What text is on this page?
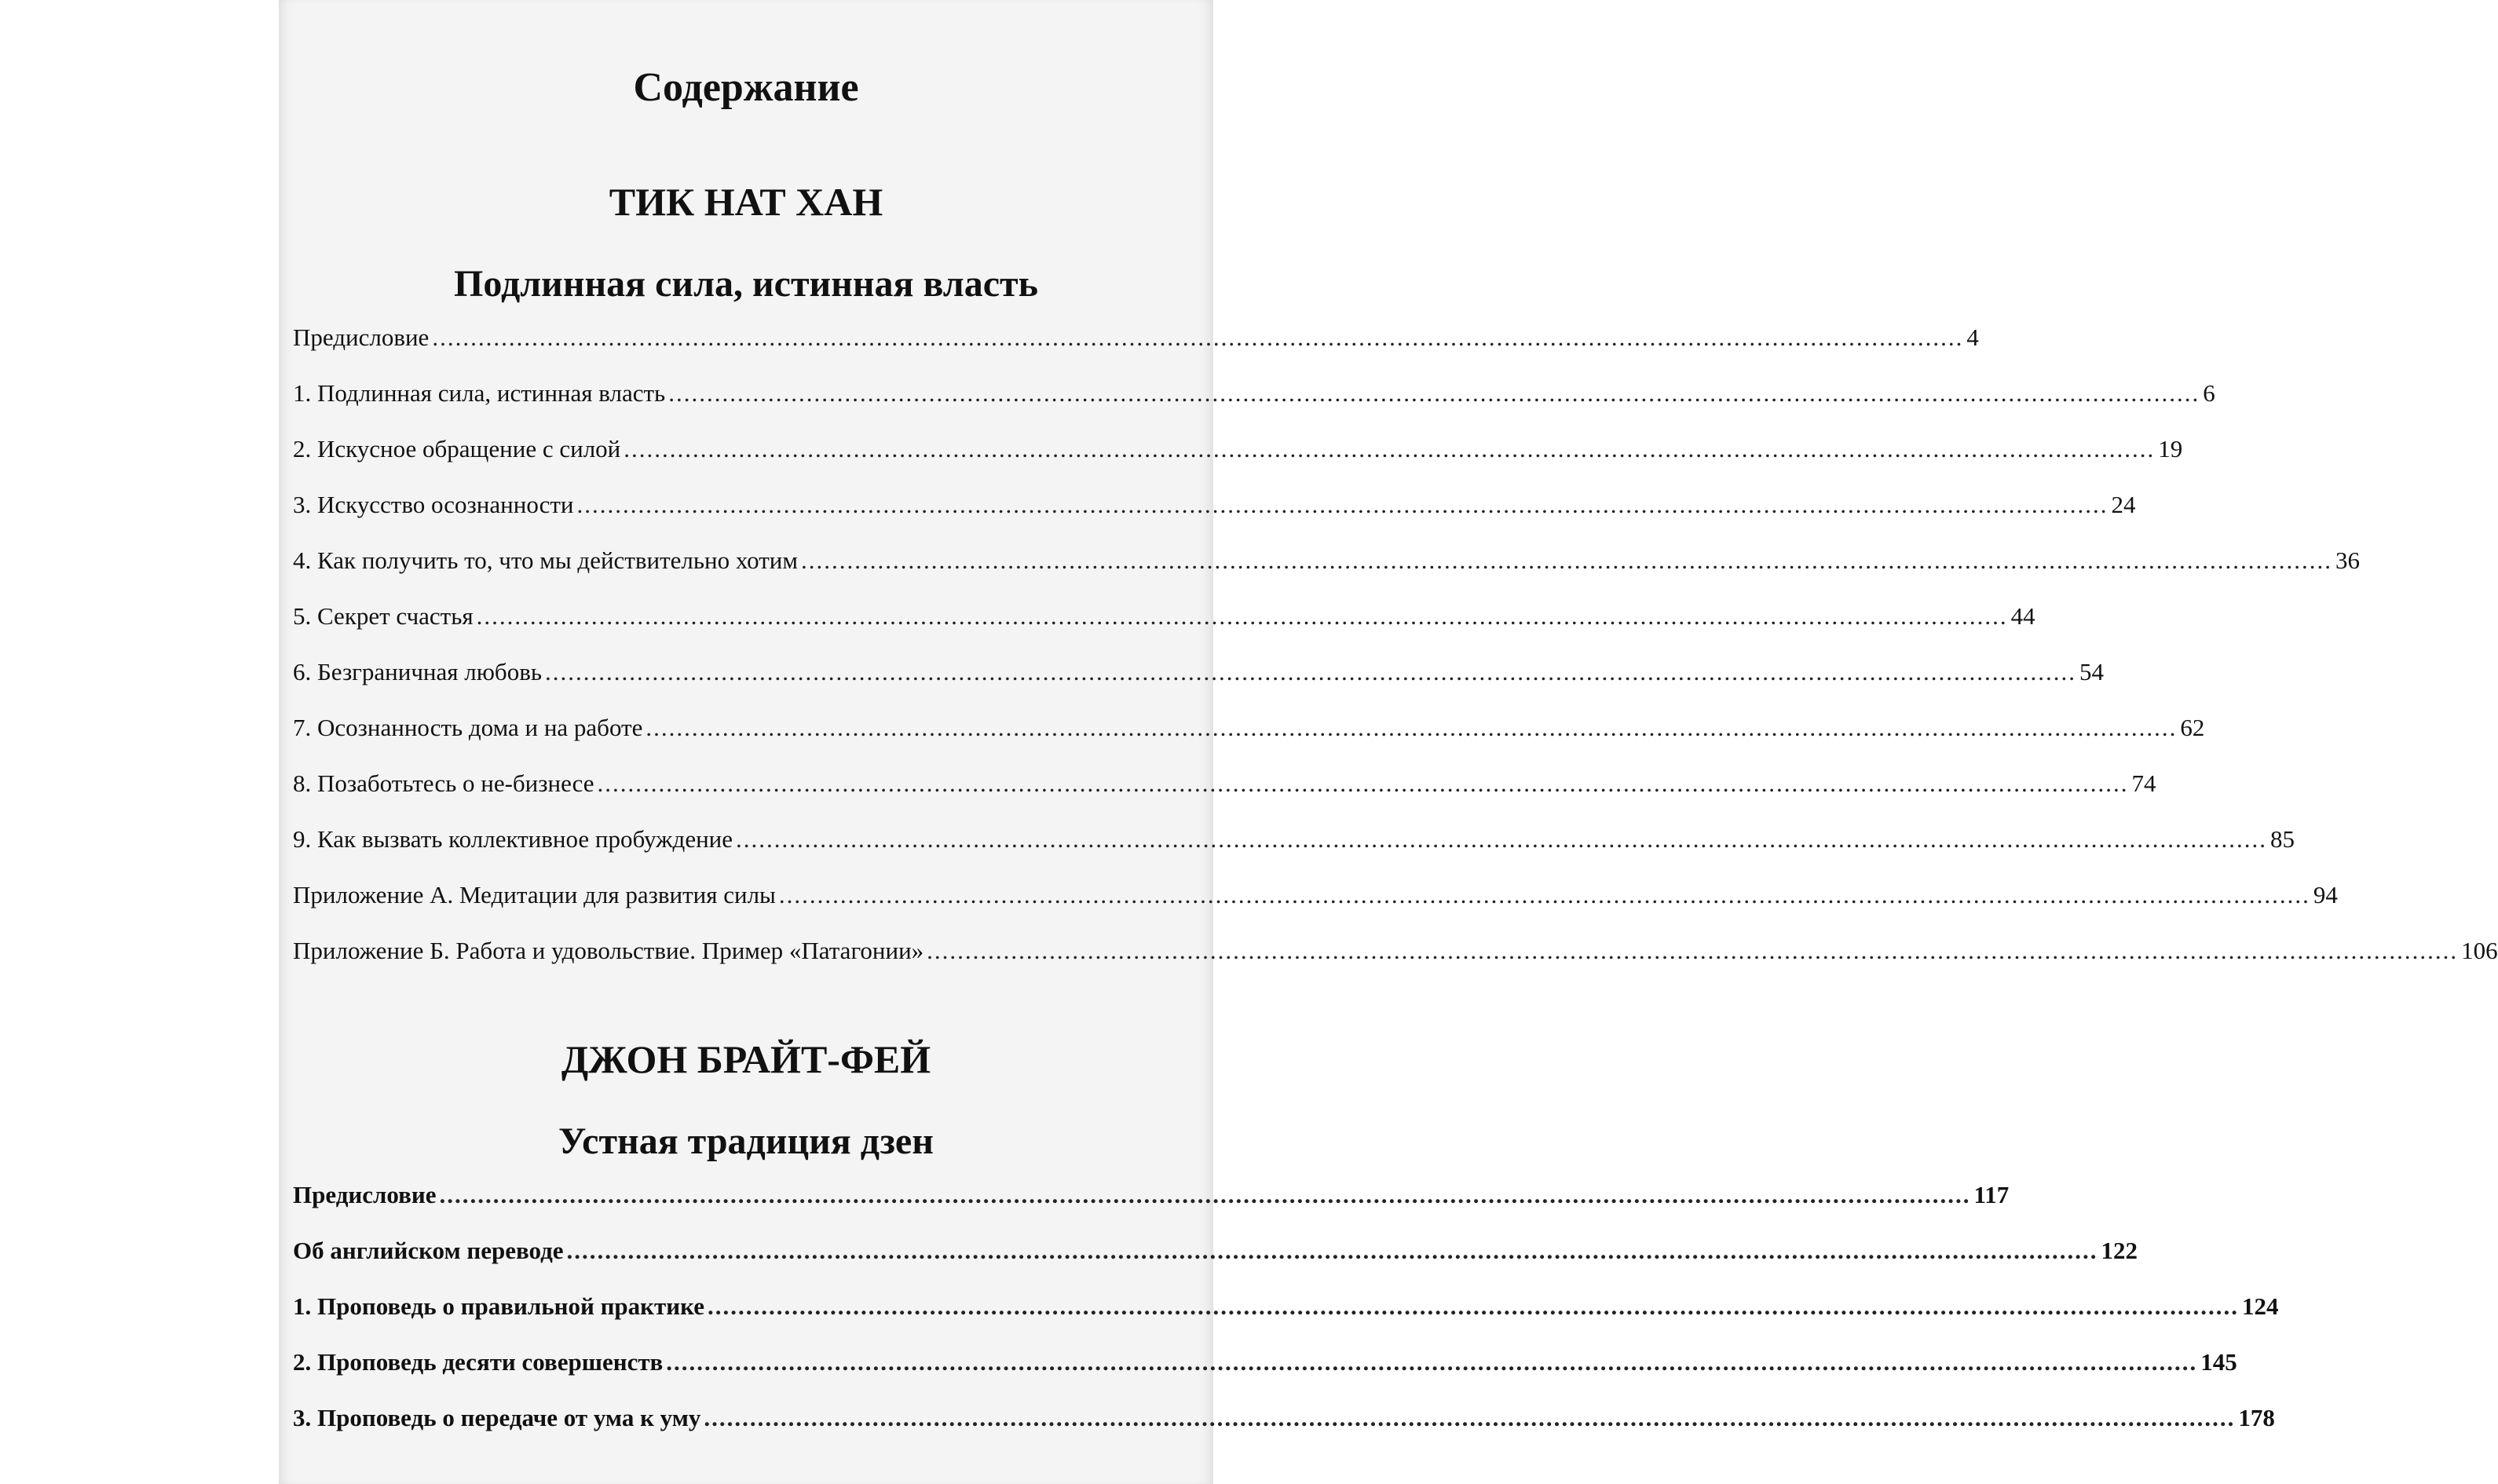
Содержание
ТИК НАТ ХАН
Подлинная сила, истинная власть
Предисловие ........................................................................................................................................................................................................ 4
1. Подлинная сила, истинная власть ........................................................................................................................................................................................................ 6
2. Искусное обращение с силой ........................................................................................................................................................................................................ 19
3. Искусство осознанности ........................................................................................................................................................................................................ 24
4. Как получить то, что мы действительно хотим ........................................................................................................................................................................................................ 36
5. Секрет счастья ........................................................................................................................................................................................................ 44
6. Безграничная любовь ........................................................................................................................................................................................................ 54
7. Осознанность дома и на работе ........................................................................................................................................................................................................ 62
8. Позаботьтесь о не-бизнесе ........................................................................................................................................................................................................ 74
9. Как вызвать коллективное пробуждение ........................................................................................................................................................................................................ 85
Приложение А. Медитации для развития силы ........................................................................................................................................................................................................ 94
Приложение Б. Работа и удовольствие. Пример «Патагонии» ........................................................................................................................................................................................................ 106
ДЖОН БРАЙТ-ФЕЙ
Устная традиция дзен
Предисловие ........................................................................................................................................................................................................ 117
Об английском переводе ........................................................................................................................................................................................................ 122
1. Проповедь о правильной практике ........................................................................................................................................................................................................ 124
2. Проповедь десяти совершенств ........................................................................................................................................................................................................ 145
3. Проповедь о передаче от ума к уму ........................................................................................................................................................................................................ 178
